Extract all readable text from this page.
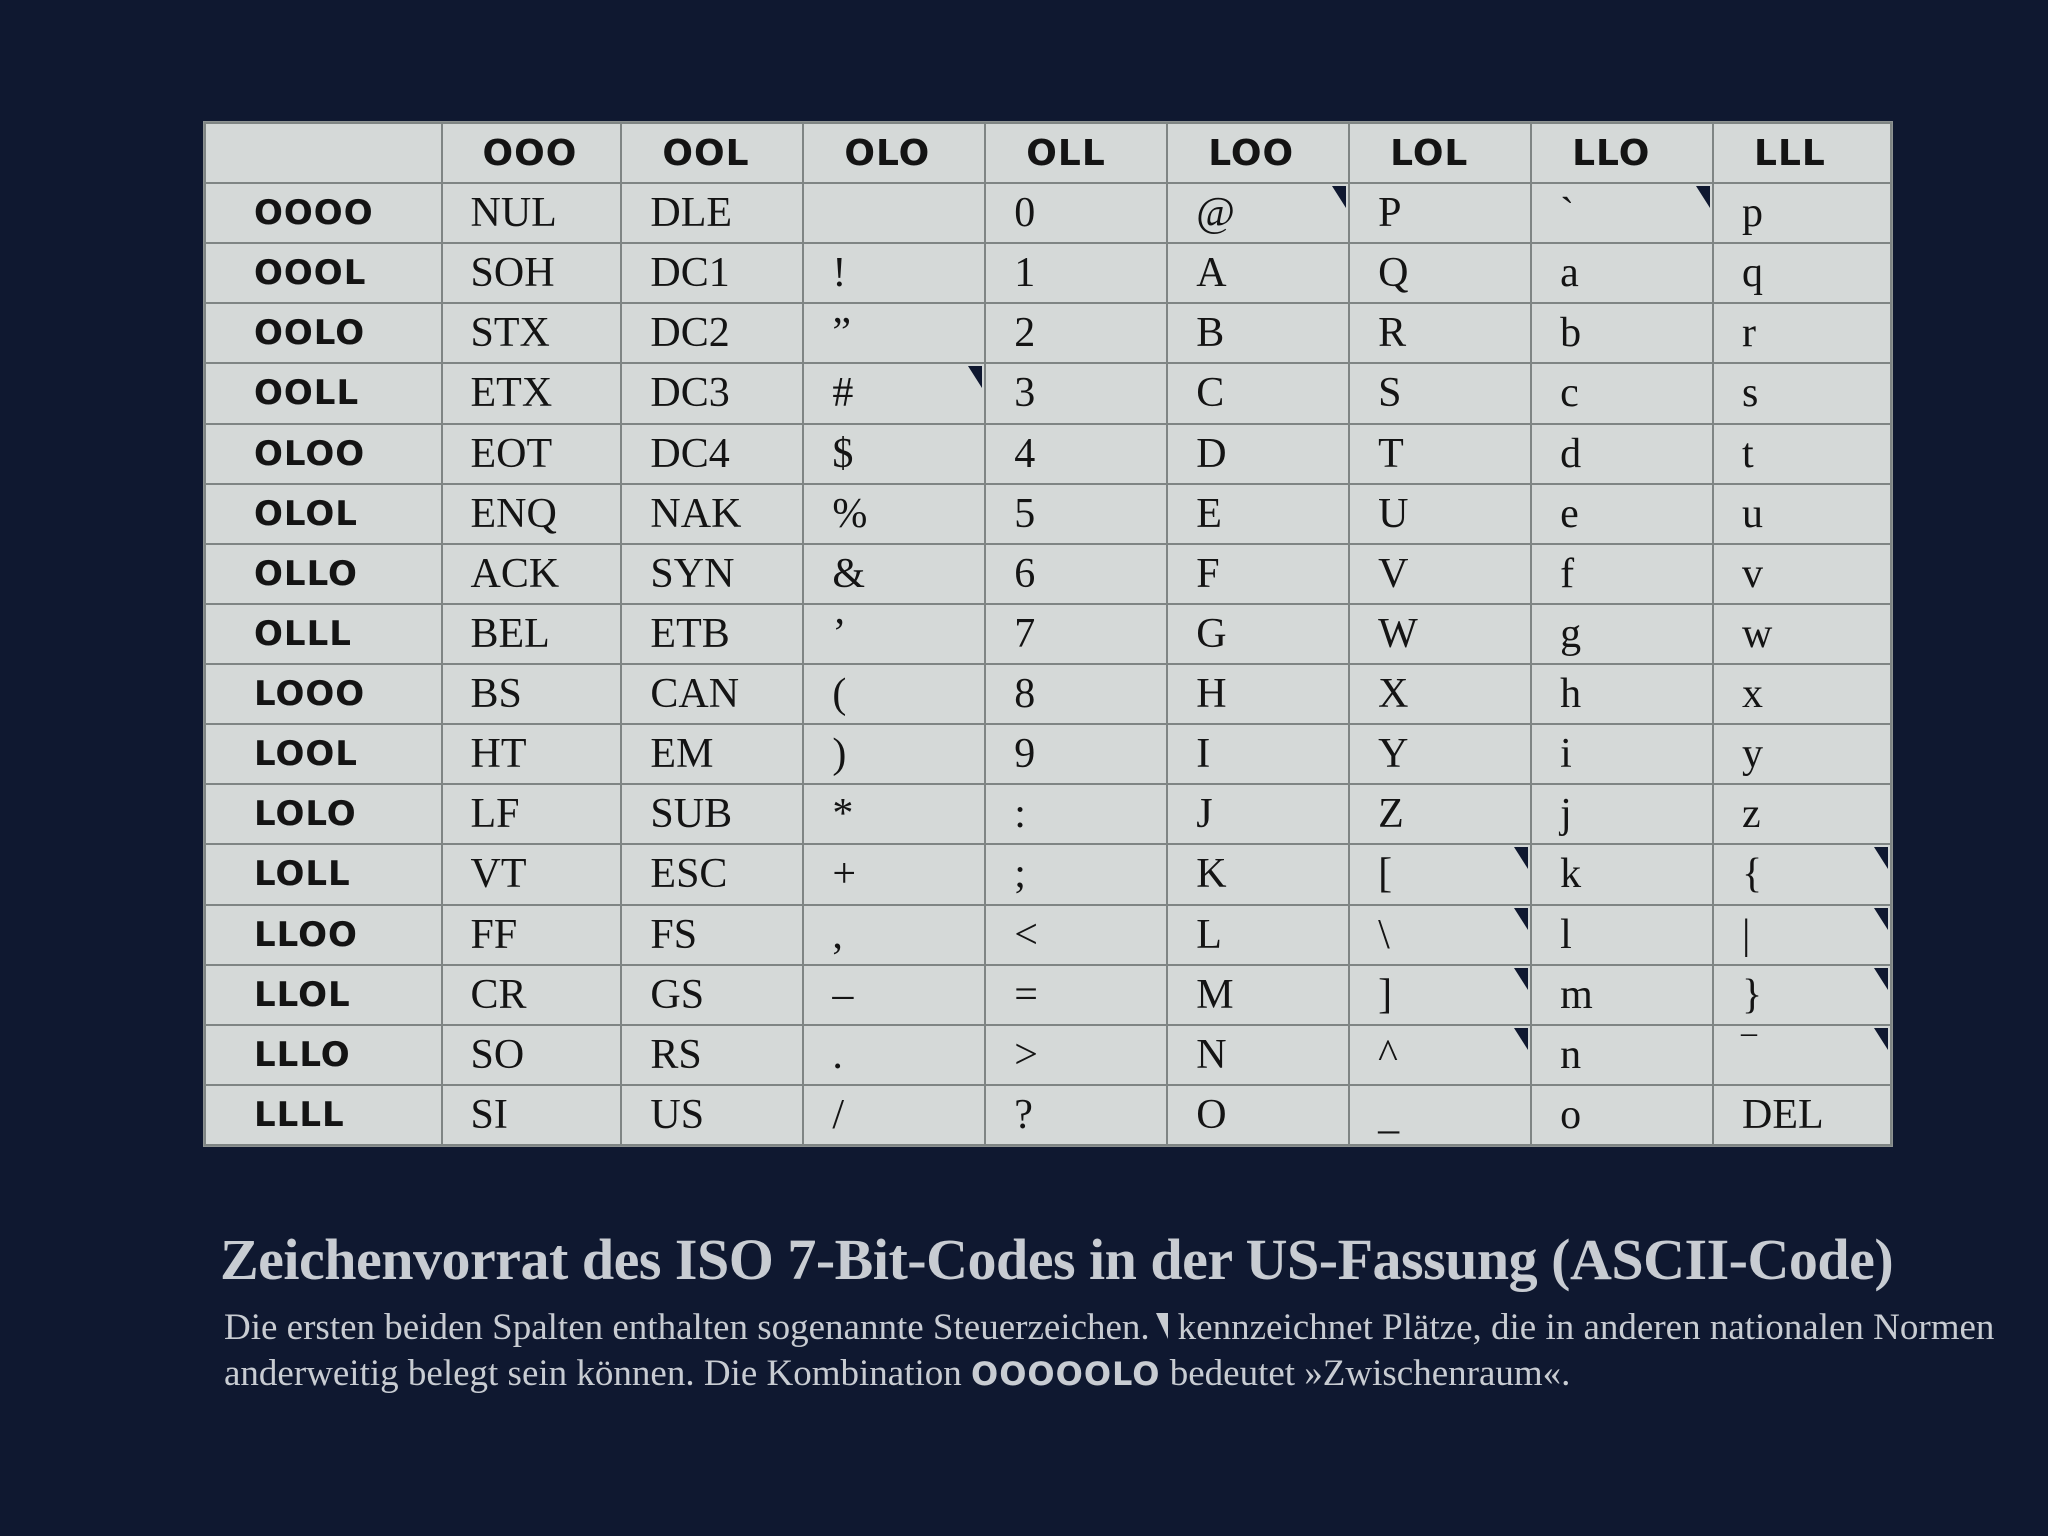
	OOO	OOL	OLO	OLL	LOO	LOL	LLO	LLL
OOOO	NUL	DLE		0	@	P	`	p
OOOL	SOH	DC1	!	1	A	Q	a	q
OOLO	STX	DC2	”	2	B	R	b	r
OOLL	ETX	DC3	#	3	C	S	c	s
OLOO	EOT	DC4	$	4	D	T	d	t
OLOL	ENQ	NAK	%	5	E	U	e	u
OLLO	ACK	SYN	&	6	F	V	f	v
OLLL	BEL	ETB	’	7	G	W	g	w
LOOO	BS	CAN	(	8	H	X	h	x
LOOL	HT	EM	)	9	I	Y	i	y
LOLO	LF	SUB	*	:	J	Z	j	z
LOLL	VT	ESC	+	;	K	[	k	{
LLOO	FF	FS	,	<	L	\	l	|
LLOL	CR	GS	–	=	M	]	m	}
LLLO	SO	RS	.	>	N	^	n	‾
LLLL	SI	US	/	?	O	_	o	DEL
Zeichenvorrat des ISO 7-Bit-Codes in der US-Fassung (ASCII-Code)

Die ersten beiden Spalten enthalten sogenannte Steuerzeichen. kennzeichnet Plätze, die in anderen nationalen Normen anderweitig belegt sein können. Die Kombination OOOOOLO bedeutet »Zwischenraum«.
